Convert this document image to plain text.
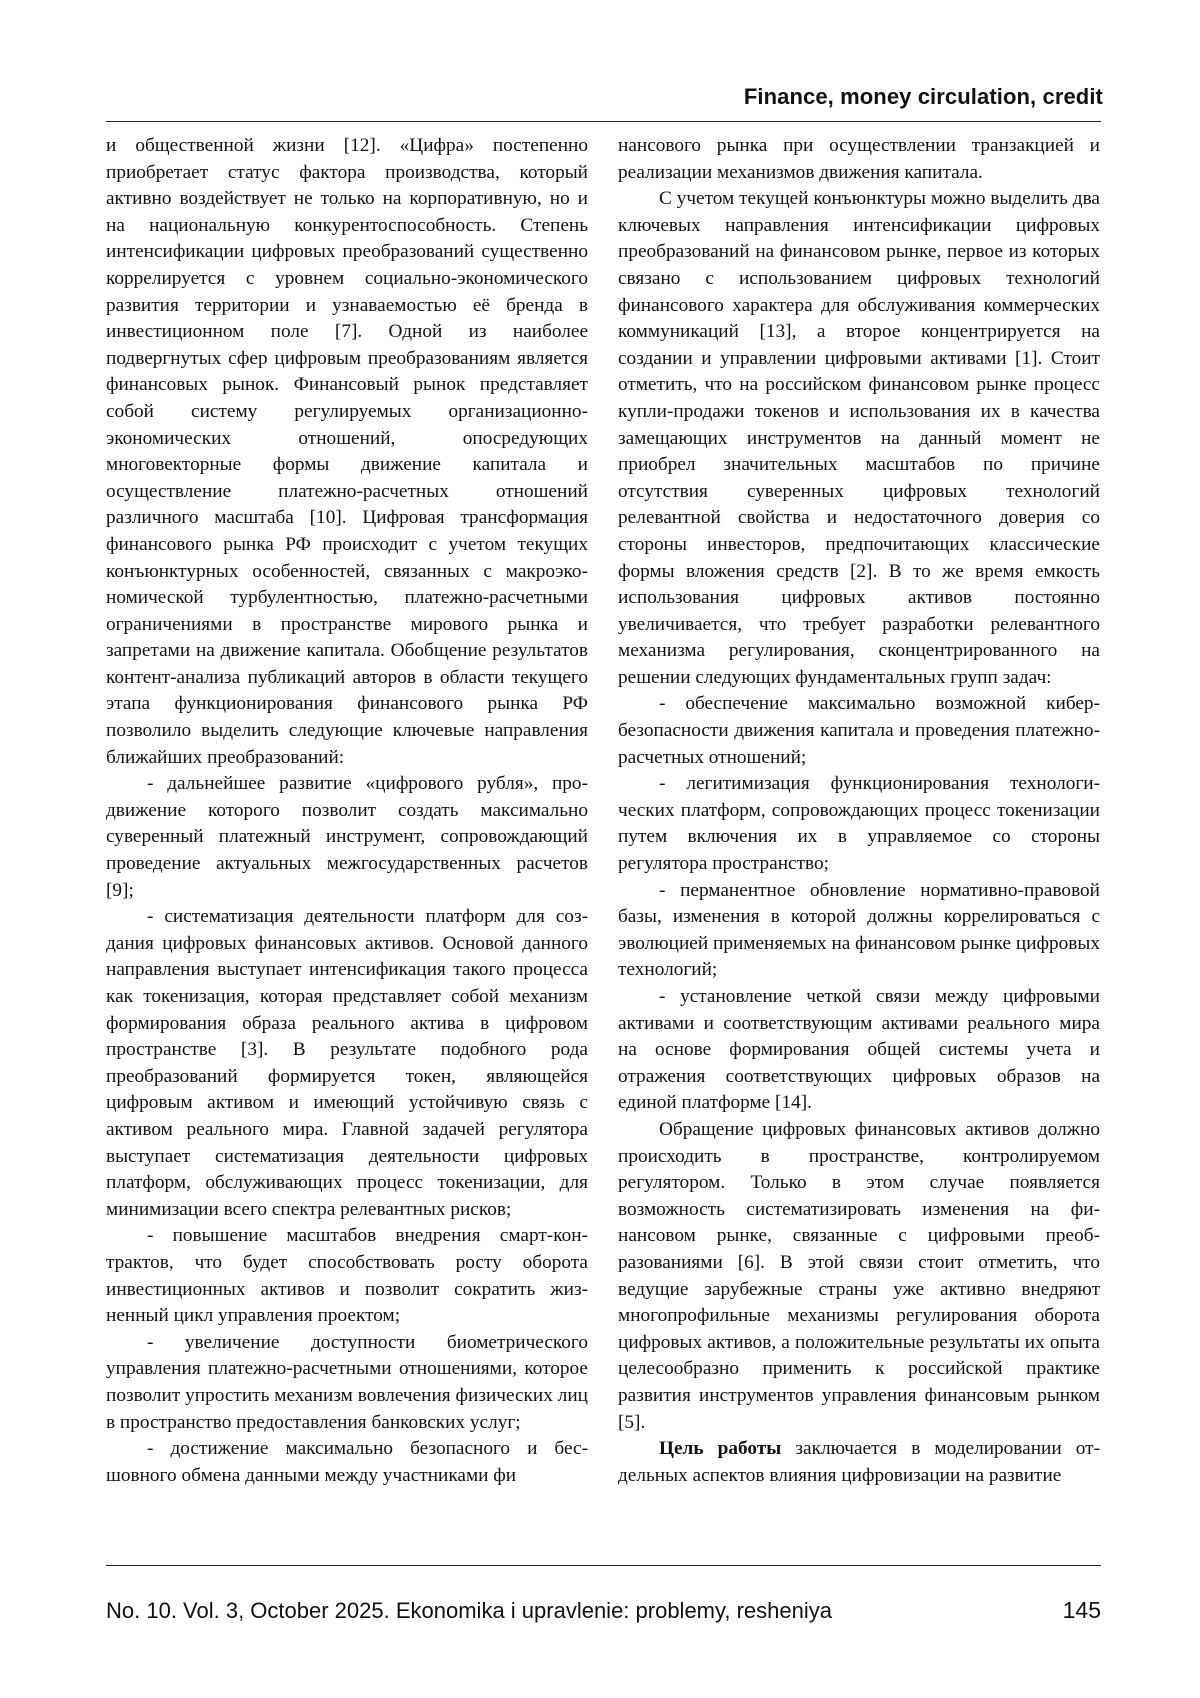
Finance, money circulation, credit

и общественной жизни [12]. «Цифра» постепенно приобретает статус фактора производства, который активно воздействует не только на корпоративную, но и на национальную конкурентоспособность. Степень интенсификации цифровых преобразований существенно коррелируется с уровнем социально-экономического развития территории и узнаваемостью её бренда в инвестиционном поле [7]. Одной из наиболее подвергнутых сфер цифровым преобразованиям является финансовых рынок. Финансовый рынок представляет собой систему регулируемых организационно-экономических отношений, опосредующих многовекторные формы движение капитала и осуществление платежно-расчетных отношений различного масштаба [10]. Цифровая трансформация финансового рынка РФ происходит с учетом текущих конъюнктурных особенностей, связанных с макроэкономической турбулентностью, платежно-расчетными ограничениями в пространстве мирового рынка и запретами на движение капитала. Обобщение результатов контент-анализа публикаций авторов в области текущего этапа функционирования финансового рынка РФ позволило выделить следующие ключевые направления ближайших преобразований:

- дальнейшее развитие «цифрового рубля», продвижение которого позволит создать максимально суверенный платежный инструмент, сопровождающий проведение актуальных межгосударственных расчетов [9];

- систематизация деятельности платформ для создания цифровых финансовых активов. Основой данного направления выступает интенсификация такого процесса как токенизация, которая представляет собой механизм формирования образа реального актива в цифровом пространстве [3]. В результате подобного рода преобразований формируется токен, являющейся цифровым активом и имеющий устойчивую связь с активом реального мира. Главной задачей регулятора выступает систематизация деятельности цифровых платформ, обслуживающих процесс токенизации, для минимизации всего спектра релевантных рисков;

- повышение масштабов внедрения смарт-контрактов, что будет способствовать росту оборота инвестиционных активов и позволит сократить жизненный цикл управления проектом;

- увеличение доступности биометрического управления платежно-расчетными отношениями, которое позволит упростить механизм вовлечения физических лиц в пространство предоставления банковских услуг;

- достижение максимально безопасного и бесшовного обмена данными между участниками фи

нансового рынка при осуществлении транзакцией и реализации механизмов движения капитала.

С учетом текущей конъюнктуры можно выделить два ключевых направления интенсификации цифровых преобразований на финансовом рынке, первое из которых связано с использованием цифровых технологий финансового характера для обслуживания коммерческих коммуникаций [13], а второе концентрируется на создании и управлении цифровыми активами [1]. Стоит отметить, что на российском финансовом рынке процесс купли-продажи токенов и использования их в качества замещающих инструментов на данный момент не приобрел значительных масштабов по причине отсутствия суверенных цифровых технологий релевантной свойства и недостаточного доверия со стороны инвесторов, предпочитающих классические формы вложения средств [2]. В то же время емкость использования цифровых активов постоянно увеличивается, что требует разработки релевантного механизма регулирования, сконцентрированного на решении следующих фундаментальных групп задач:

- обеспечение максимально возможной кибербезопасности движения капитала и проведения платежно-расчетных отношений;

- легитимизация функционирования технологических платформ, сопровождающих процесс токенизации путем включения их в управляемое со стороны регулятора пространство;

- перманентное обновление нормативно-правовой базы, изменения в которой должны коррелироваться с эволюцией применяемых на финансовом рынке цифровых технологий;

- установление четкой связи между цифровыми активами и соответствующим активами реального мира на основе формирования общей системы учета и отражения соответствующих цифровых образов на единой платформе [14].

Обращение цифровых финансовых активов должно происходить в пространстве, контролируемом регулятором. Только в этом случае появляется возможность систематизировать изменения на финансовом рынке, связанные с цифровыми преобразованиями [6]. В этой связи стоит отметить, что ведущие зарубежные страны уже активно внедряют многопрофильные механизмы регулирования оборота цифровых активов, а положительные результаты их опыта целесообразно применить к российской практике развития инструментов управления финансовым рынком [5].

Цель работы заключается в моделировании отдельных аспектов влияния цифровизации на развитие

No. 10. Vol. 3, October 2025. Ekonomika i upravlenie: problemy, resheniya	145
